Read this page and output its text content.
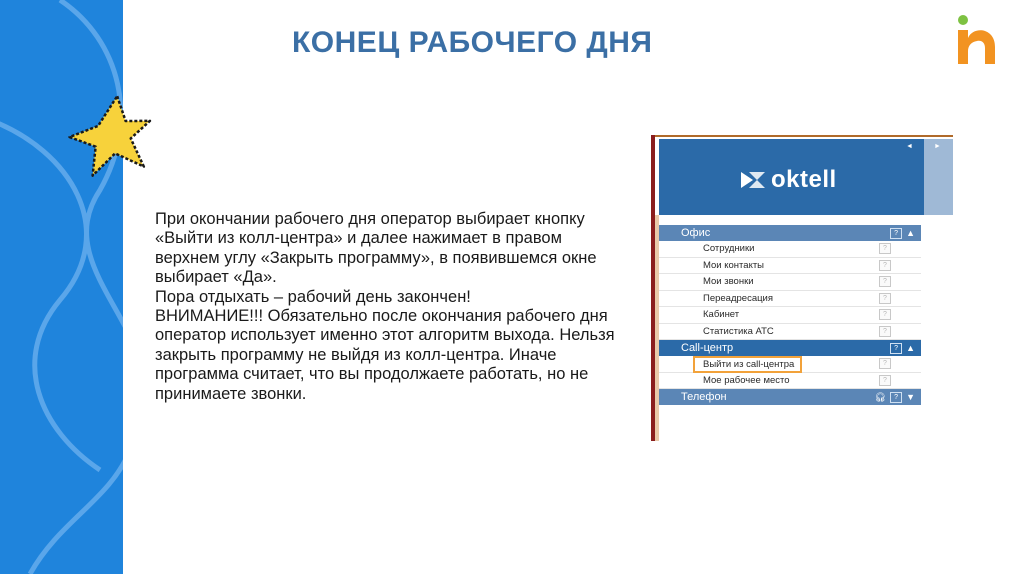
КОНЕЦ РАБОЧЕГО ДНЯ

При окончании рабочего дня оператор выбирает кнопку «Выйти из колл-центра» и далее нажимает в правом верхнем углу «Закрыть программу», в появившемся окне выбирает «Да».

Пора отдыхать – рабочий день закончен!

ВНИМАНИЕ!!! Обязательно после окончания рабочего дня оператор использует именно этот алгоритм выхода. Нельзя закрыть программу не выйдя из колл-центра. Иначе программа считает, что вы продолжаете работать, но не принимаете звонки.

oktell
◄	►
Офис	? ▲
Сотрудники	?
Мои контакты	?
Мои звонки	?
Переадресация	?
Кабинет	?
Статистика АТС	?
Call-центр	? ▲
Выйти из call-центра	?
Мое рабочее место	?
Телефон	🎧︎	? ▼
